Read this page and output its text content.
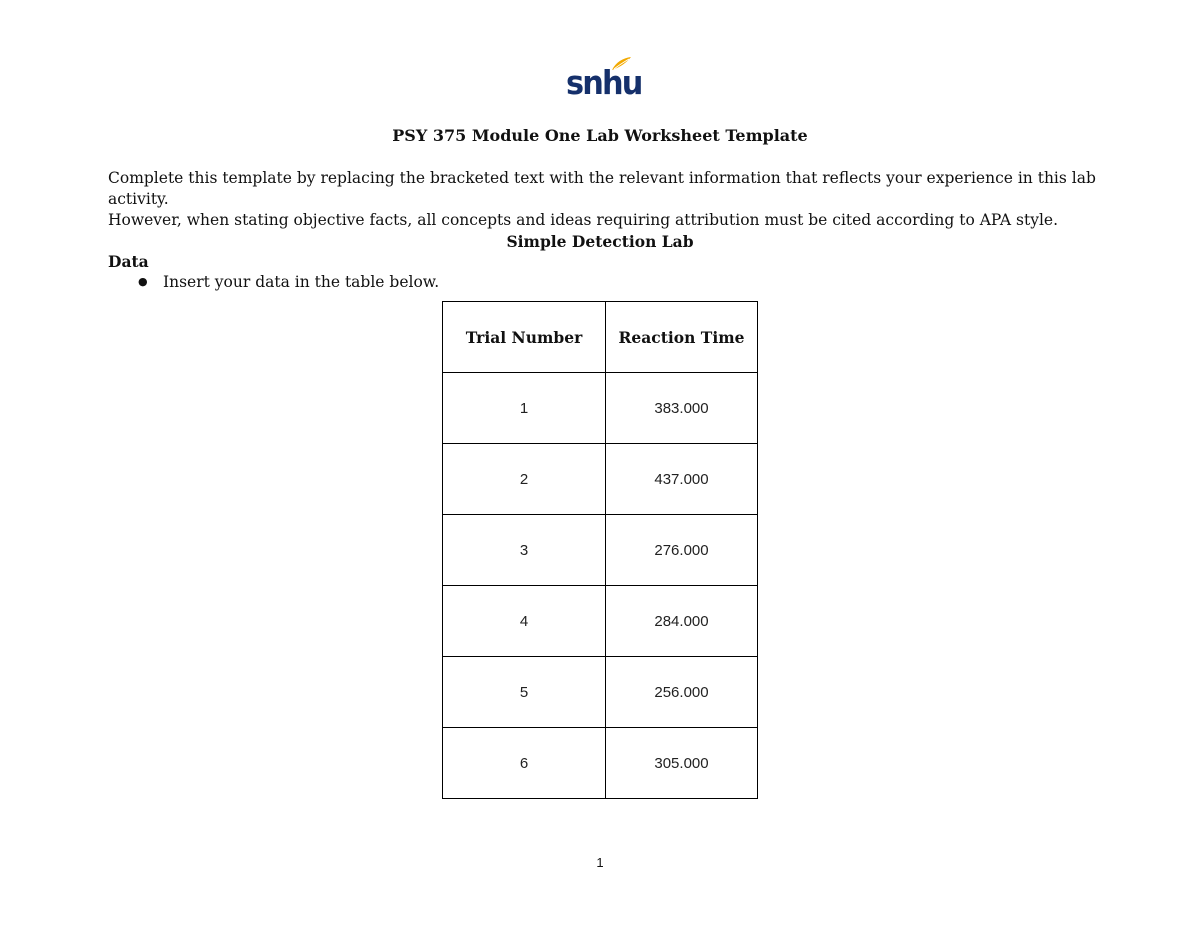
snhu
PSY 375 Module One Lab Worksheet Template

Complete this template by replacing the bracketed text with the relevant information that reflects your experience in this lab activity.

However, when stating objective facts, all concepts and ideas requiring attribution must be cited according to APA style.

Simple Detection Lab
Data
● Insert your data in the table below.
Trial Number	Reaction Time
1	383.000
2	437.000
3	276.000
4	284.000
5	256.000
6	305.000
1
